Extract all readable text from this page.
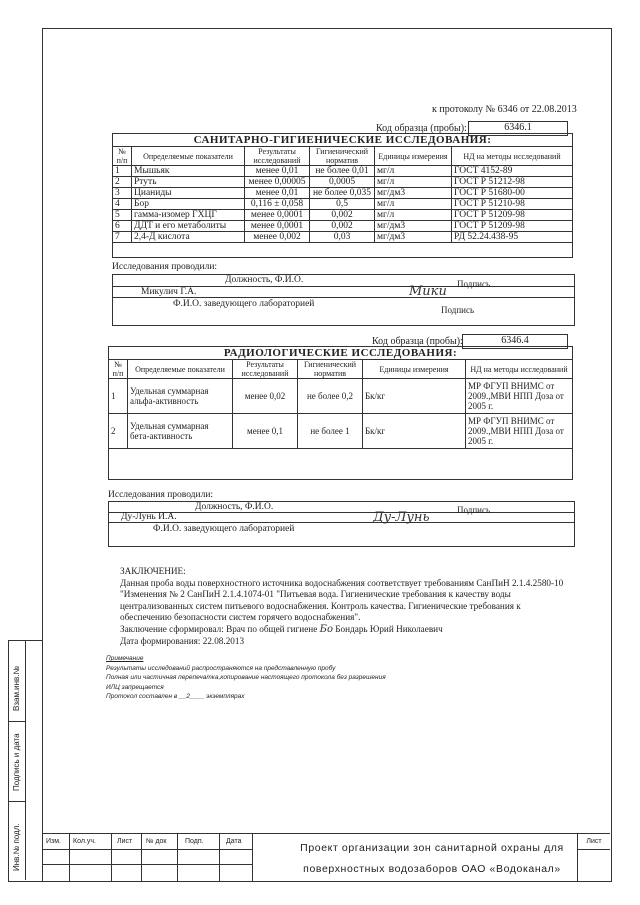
Взам.инв.№
Подпись и дата
Инв.№ подл.
к протоколу № 6346 от 22.08.2013
Код образца (пробы):	6346.1
САНИТАРНО-ГИГИЕНИЧЕСКИЕ ИССЛЕДОВАНИЯ:					
№ п/п	Определяемые показатели	Результаты исследований	Гигиенический норматив	Единицы измерения	НД на методы исследований
1	Мышьяк	менее 0,01	не более 0,01	мг/л	ГОСТ 4152-89
2	Ртуть	менее 0,00005	0,0005	мг/л	ГОСТ Р 51212-98
3	Цианиды	менее 0,01	не более 0,035	мг/дм3	ГОСТ Р 51680-00
4	Бор	0,116 ± 0,058	0,5	мг/л	ГОСТ Р 51210-98
5	гамма-изомер ГХЦГ	менее 0,0001	0,002	мг/л	ГОСТ Р 51209-98
6	ДДТ и его метаболиты	менее 0,0001	0,002	мг/дм3	ГОСТ Р 51209-98
7	2,4-Д кислота	менее 0,002	0,03	мг/дм3	РД 52.24.438-95

Исследования проводили:
Должность, Ф.И.О.	Подпись
Микулич Г.А.	Мики
Ф.И.О. заведующего лабораторией
Подпись
Код образца (пробы):	6346.4
РАДИОЛОГИЧЕСКИЕ ИССЛЕДОВАНИЯ:					
№ п/п	Определяемые показатели	Результаты исследований	Гигиенический норматив	Единицы измерения	НД на методы исследований
1	Удельная суммарная альфа-активность	менее 0,02	не более 0,2	Бк/кг	МР ФГУП ВНИМС от 2009.,МВИ НПП Доза от 2005 г.
2	Удельная суммарная бета-активность	менее 0,1	не более 1	Бк/кг	МР ФГУП ВНИМС от 2009.,МВИ НПП Доза от 2005 г.

Исследования проводили:
Должность, Ф.И.О.	Подпись
Ду-Лунь И.А.	Ду-Лунь
Ф.И.О. заведующего лабораторией
ЗАКЛЮЧЕНИЕ:
Данная проба воды поверхностного источника водоснабжения соответствует требованиям СанПиН 2.1.4.2580-10 "Изменения № 2 СанПиН 2.1.4.1074-01 "Питьевая вода. Гигиенические требования к качеству воды централизованных систем питьевого водоснабжения. Контроль качества. Гигиенические требования к обеспечению безопасности систем горячего водоснабжения".
Заключение сформировал: Врач по общей гигиене Бо Бондарь Юрий Николаевич
Дата формирования: 22.08.2013
Примечание
Результаты исследований распространяются на представленную пробу
Полная или частичная перепечатка,копирование настоящего протокола без разрешения
ИЛЦ запрещается
Протокол составлен в __2____ экземплярах
Изм. Кол.уч.	Лист № док	Подп.	Дата
Проект организации зон санитарной охраны для
поверхностных водозаборов ОАО «Водоканал»
Лист
